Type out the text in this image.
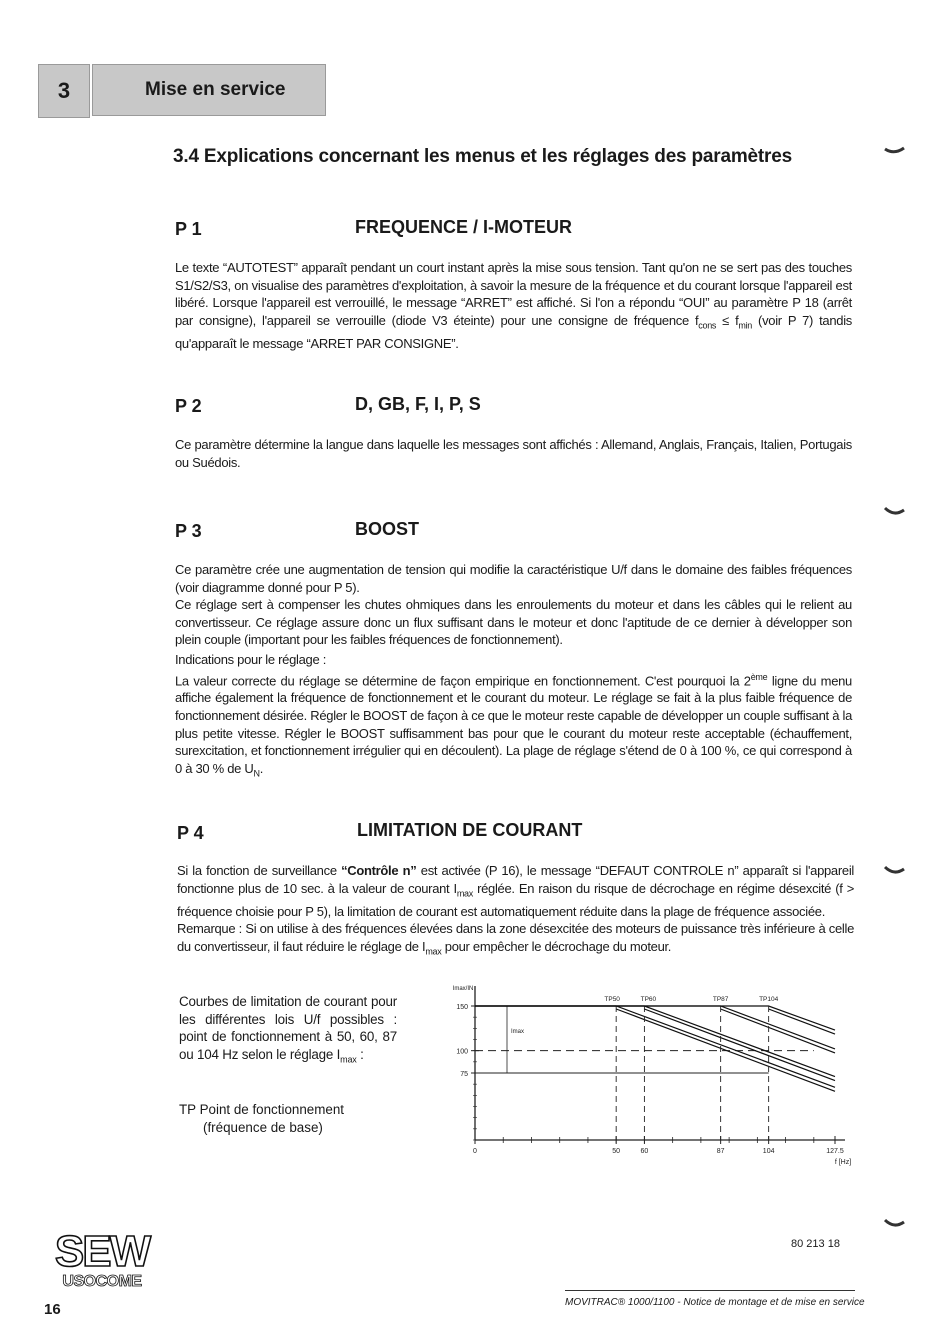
3	Mise en service
3.4 Explications concernant les menus et les réglages des paramètres
P 1	FREQUENCE / I-MOTEUR

Le texte “AUTOTEST” apparaît pendant un court instant après la mise sous tension. Tant qu'on ne se sert pas des touches S1/S2/S3, on visualise des paramètres d'exploitation, à savoir la mesure de la fréquence et du courant lorsque l'appareil est libéré. Lorsque l'appareil est verrouillé, le message “ARRET” est affiché. Si l'on a répondu “OUI” au paramètre P 18 (arrêt par consigne), l'appareil se verrouille (diode V3 éteinte) pour une consigne de fréquence $f_{cons} \le f_{min}$ (voir P 7) tandis qu'apparaît le message “ARRET PAR CONSIGNE”.

P 2	D, GB, F, I, P, S

Ce paramètre détermine la langue dans laquelle les messages sont affichés : Allemand, Anglais, Français, Italien, Portugais ou Suédois.

P 3	BOOST

Ce paramètre crée une augmentation de tension qui modifie la caractéristique U/f dans le domaine des faibles fréquences (voir diagramme donné pour P 5).

Ce réglage sert à compenser les chutes ohmiques dans les enroulements du moteur et dans les câbles qui le relient au convertisseur. Ce réglage assure donc un flux suffisant dans le moteur et donc l'aptitude de ce dernier à développer son plein couple (important pour les faibles fréquences de fonctionnement).

Indications pour le réglage :

La valeur correcte du réglage se détermine de façon empirique en fonctionnement. C'est pourquoi la 2ème ligne du menu affiche également la fréquence de fonctionnement et le courant du moteur. Le réglage se fait à la plus faible fréquence de fonctionnement désirée. Régler le BOOST de façon à ce que le moteur reste capable de développer un couple suffisant à la plus petite vitesse. Régler le BOOST suffisamment bas pour que le courant du moteur reste acceptable (échauffement, surexcitation, et fonctionnement irrégulier qui en découlent). La plage de réglage s'étend de 0 à 100 %, ce qui correspond à 0 à 30 % de $U_N$.

P 4	LIMITATION DE COURANT

Si la fonction de surveillance “Contrôle n” est activée (P 16), le message “DEFAUT CONTROLE n” apparaît si l'appareil fonctionne plus de 10 sec. à la valeur de courant $I_{max}$ réglée. En raison du risque de décrochage en régime désexcité (f > fréquence choisie pour P 5), la limitation de courant est automatiquement réduite dans la plage de fréquence associée.

Remarque : Si on utilise à des fréquences élevées dans la zone désexcitée des moteurs de puissance très inférieure à celle du convertisseur, il faut réduire le réglage de $I_{max}$ pour empêcher le décrochage du moteur.

Courbes de limitation de courant pour les différentes lois U/f possibles : point de fonctionnement à 50, 60, 87 ou 104 Hz selon le réglage $I_{max}$ :

TP Point de fonctionnement

(fréquence de base)

Imax/IN
f [Hz]
0	50	60	87	104	127.5
150
100
75
Imax
TP50	TP60	TP87	TP104
SEW
USOCOME
80 213 18
MOVITRAC® 1000/1100 - Notice de montage et de mise en service
16
